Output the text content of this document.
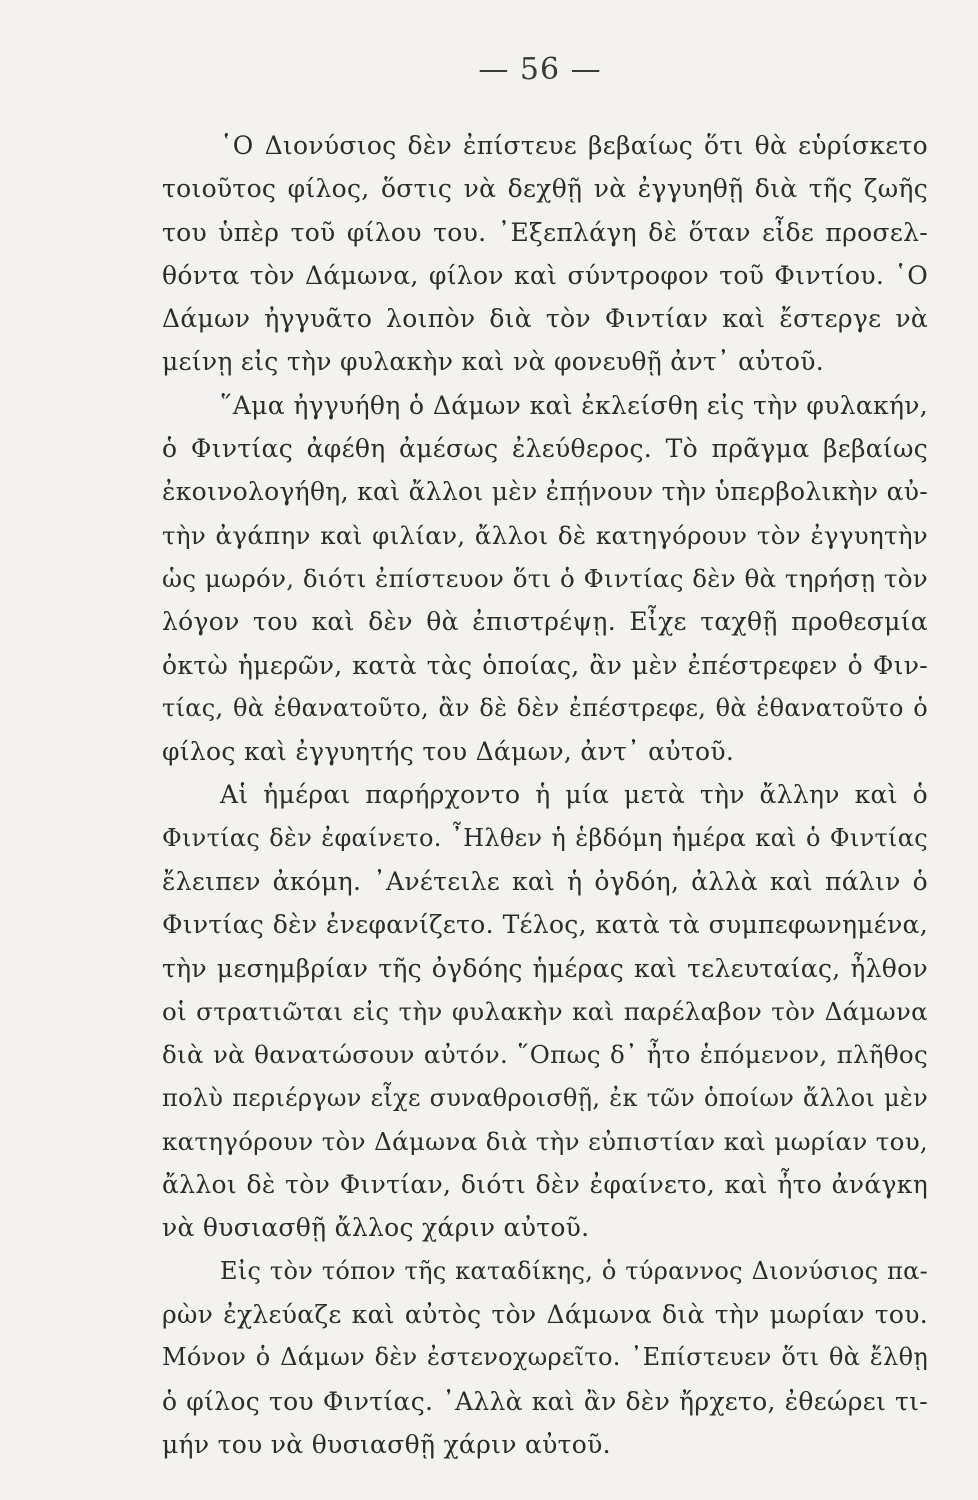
— 56 —
῾Ο Διονύσιος δὲν ἐπίστευε βεβαίως ὅτι θὰ εὑρίσκετο
τοιοῦτος φίλος, ὅστις νὰ δεχθῇ νὰ ἐγγυηθῇ διὰ τῆς ζωῆς
του ὑπὲρ τοῦ φίλου του. ᾿Εξεπλάγη δὲ ὅταν εἶδε προσελ-
θόντα τὸν Δάμωνα, φίλον καὶ σύντροφον τοῦ Φιντίου. ῾Ο
Δάμων ἠγγυᾶτο λοιπὸν διὰ τὸν Φιντίαν καὶ ἔστεργε νὰ
μείνῃ εἰς τὴν φυλακὴν καὶ νὰ φονευθῇ ἀντ᾿ αὐτοῦ.
῞Αμα ἠγγυήθη ὁ Δάμων καὶ ἐκλείσθη εἰς τὴν φυλακήν,
ὁ Φιντίας ἀφέθη ἀμέσως ἐλεύθερος. Τὸ πρᾶγμα βεβαίως
ἐκοινολογήθη, καὶ ἄλλοι μὲν ἐπῄνουν τὴν ὑπερβολικὴν αὐ-
τὴν ἀγάπην καὶ φιλίαν, ἄλλοι δὲ κατηγόρουν τὸν ἐγγυητὴν
ὡς μωρόν, διότι ἐπίστευον ὅτι ὁ Φιντίας δὲν θὰ τηρήσῃ τὸν
λόγον του καὶ δὲν θὰ ἐπιστρέψῃ. Εἶχε ταχθῇ προθεσμία
ὀκτὼ ἡμερῶν, κατὰ τὰς ὁποίας, ἂν μὲν ἐπέστρεφεν ὁ Φιν-
τίας, θὰ ἐθανατοῦτο, ἂν δὲ δὲν ἐπέστρεφε, θὰ ἐθανατοῦτο ὁ
φίλος καὶ ἐγγυητής του Δάμων, ἀντ᾿ αὐτοῦ.
Αἱ ἡμέραι παρήρχοντο ἡ μία μετὰ τὴν ἄλλην καὶ ὁ
Φιντίας δὲν ἐφαίνετο. ῏Ηλθεν ἡ ἑβδόμη ἡμέρα καὶ ὁ Φιντίας
ἔλειπεν ἀκόμη. ᾿Ανέτειλε καὶ ἡ ὀγδόη, ἀλλὰ καὶ πάλιν ὁ
Φιντίας δὲν ἐνεφανίζετο. Τέλος, κατὰ τὰ συμπεφωνημένα,
τὴν μεσημβρίαν τῆς ὀγδόης ἡμέρας καὶ τελευταίας, ἦλθον
οἱ στρατιῶται εἰς τὴν φυλακὴν καὶ παρέλαβον τὸν Δάμωνα
διὰ νὰ θανατώσουν αὐτόν. ῞Οπως δ᾿ ἦτο ἑπόμενον, πλῆθος
πολὺ περιέργων εἶχε συναθροισθῇ, ἐκ τῶν ὁποίων ἄλλοι μὲν
κατηγόρουν τὸν Δάμωνα διὰ τὴν εὐπιστίαν καὶ μωρίαν του,
ἄλλοι δὲ τὸν Φιντίαν, διότι δὲν ἐφαίνετο, καὶ ἦτο ἀνάγκη
νὰ θυσιασθῇ ἄλλος χάριν αὐτοῦ.
Εἰς τὸν τόπον τῆς καταδίκης, ὁ τύραννος Διονύσιος πα-
ρὼν ἐχλεύαζε καὶ αὐτὸς τὸν Δάμωνα διὰ τὴν μωρίαν του.
Μόνον ὁ Δάμων δὲν ἐστενοχωρεῖτο. ᾿Επίστευεν ὅτι θὰ ἔλθῃ
ὁ φίλος του Φιντίας. ᾿Αλλὰ καὶ ἂν δὲν ἤρχετο, ἐθεώρει τι-
μήν του νὰ θυσιασθῇ χάριν αὐτοῦ.
